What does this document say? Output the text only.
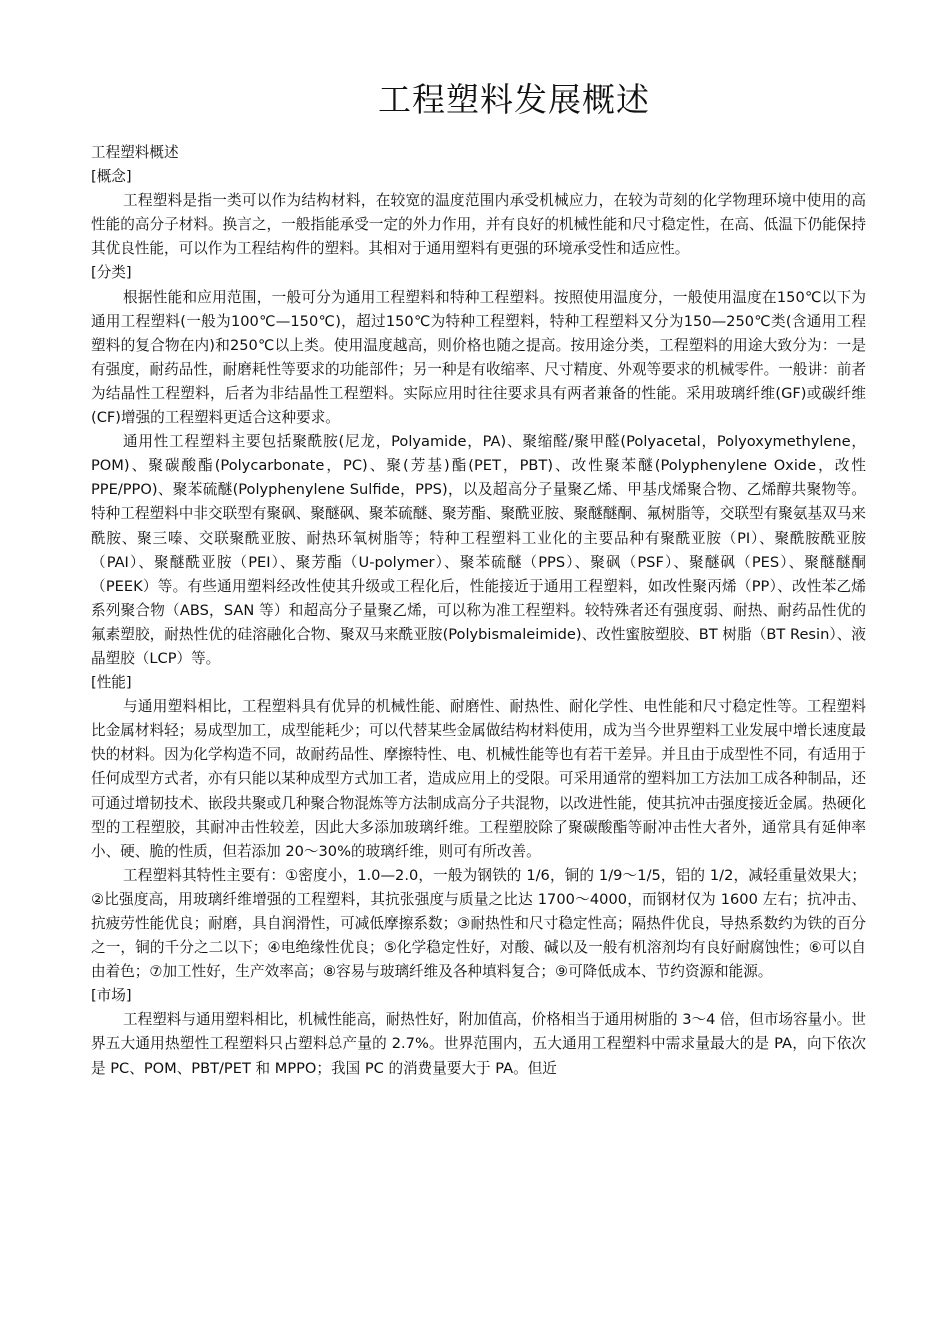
工程塑料发展概述

工程塑料概述

[概念]

工程塑料是指一类可以作为结构材料，在较宽的温度范围内承受机械应力，在较为苛刻的化学物理环境中使用的高性能的高分子材料。换言之，一般指能承受一定的外力作用，并有良好的机械性能和尺寸稳定性，在高、低温下仍能保持其优良性能，可以作为工程结构件的塑料。其相对于通用塑料有更强的环境承受性和适应性。

[分类]

根据性能和应用范围，一般可分为通用工程塑料和特种工程塑料。按照使用温度分，一般使用温度在150℃以下为通用工程塑料(一般为100℃—150℃)，超过150℃为特种工程塑料，特种工程塑料又分为150—250℃类(含通用工程塑料的复合物在内)和250℃以上类。使用温度越高，则价格也随之提高。按用途分类，工程塑料的用途大致分为：一是有强度，耐药品性，耐磨耗性等要求的功能部件；另一种是有收缩率、尺寸精度、外观等要求的机械零件。一般讲：前者为结晶性工程塑料，后者为非结晶性工程塑料。实际应用时往往要求具有两者兼备的性能。采用玻璃纤维(GF)或碳纤维(CF)增强的工程塑料更适合这种要求。

通用性工程塑料主要包括聚酰胺(尼龙，Polyamide，PA)、聚缩醛/聚甲醛(Polyacetal，Polyoxymethylene，POM)、聚碳酸酯(Polycarbonate，PC)、聚(芳基)酯(PET，PBT)、改性聚苯醚(Polyphenylene Oxide，改性 PPE/PPO)、聚苯硫醚(Polyphenylene Sulfide，PPS)，以及超高分子量聚乙烯、甲基戊烯聚合物、乙烯醇共聚物等。特种工程塑料中非交联型有聚砜、聚醚砜、聚苯硫醚、聚芳酯、聚酰亚胺、聚醚醚酮、氟树脂等，交联型有聚氨基双马来酰胺、聚三嗪、交联聚酰亚胺、耐热环氧树脂等；特种工程塑料工业化的主要品种有聚酰亚胺（PI）、聚酰胺酰亚胺（PAI）、聚醚酰亚胺（PEI）、聚芳酯（U-polymer）、聚苯硫醚（PPS）、聚砜（PSF）、聚醚砜（PES）、聚醚醚酮（PEEK）等。有些通用塑料经改性使其升级或工程化后，性能接近于通用工程塑料，如改性聚丙烯（PP）、改性苯乙烯系列聚合物（ABS，SAN 等）和超高分子量聚乙烯，可以称为准工程塑料。较特殊者还有强度弱、耐热、耐药品性优的氟素塑胶，耐热性优的硅溶融化合物、聚双马来酰亚胺(Polybismaleimide)、改性蜜胺塑胶、BT 树脂（BT Resin）、液晶塑胶（LCP）等。

[性能]

与通用塑料相比，工程塑料具有优异的机械性能、耐磨性、耐热性、耐化学性、电性能和尺寸稳定性等。工程塑料比金属材料轻；易成型加工，成型能耗少；可以代替某些金属做结构材料使用，成为当今世界塑料工业发展中增长速度最快的材料。因为化学构造不同，故耐药品性、摩擦特性、电、机械性能等也有若干差异。并且由于成型性不同，有适用于任何成型方式者，亦有只能以某种成型方式加工者，造成应用上的受限。可采用通常的塑料加工方法加工成各种制品，还可通过增韧技术、嵌段共聚或几种聚合物混炼等方法制成高分子共混物，以改进性能，使其抗冲击强度接近金属。热硬化型的工程塑胶，其耐冲击性较差，因此大多添加玻璃纤维。工程塑胶除了聚碳酸酯等耐冲击性大者外，通常具有延伸率小、硬、脆的性质，但若添加 20～30%的玻璃纤维，则可有所改善。

工程塑料其特性主要有：①密度小，1.0—2.0，一般为钢铁的 1/6，铜的 1/9～1/5，铝的 1/2，减轻重量效果大；②比强度高，用玻璃纤维增强的工程塑料，其抗张强度与质量之比达 1700～4000，而钢材仅为 1600 左右；抗冲击、抗疲劳性能优良；耐磨，具自润滑性，可减低摩擦系数；③耐热性和尺寸稳定性高；隔热件优良，导热系数约为铁的百分之一，铜的千分之二以下；④电绝缘性优良；⑤化学稳定性好，对酸、碱以及一般有机溶剂均有良好耐腐蚀性；⑥可以自由着色；⑦加工性好，生产效率高；⑧容易与玻璃纤维及各种填料复合；⑨可降低成本、节约资源和能源。

[市场]

工程塑料与通用塑料相比，机械性能高，耐热性好，附加值高，价格相当于通用树脂的 3～4 倍，但市场容量小。世界五大通用热塑性工程塑料只占塑料总产量的 2.7%。世界范围内，五大通用工程塑料中需求量最大的是 PA，向下依次是 PC、POM、PBT/PET 和 MPPO；我国 PC 的消费量要大于 PA。但近
